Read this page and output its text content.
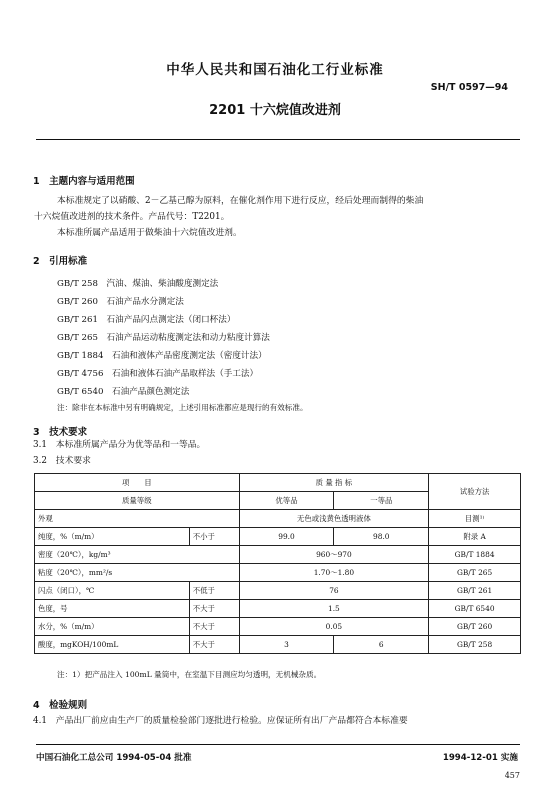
中华人民共和国石油化工行业标准
SH/T 0597—94
2201 十六烷值改进剂
1　主题内容与适用范围
本标准规定了以硝酸、2－乙基己醇为原料，在催化剂作用下进行反应，经后处理而制得的柴油
十六烷值改进剂的技术条件。产品代号：T2201。
本标准所属产品适用于做柴油十六烷值改进剂。
2　引用标准
GB/T 258　汽油、煤油、柴油酸度测定法
GB/T 260　石油产品水分测定法
GB/T 261　石油产品闪点测定法（闭口杯法）
GB/T 265　石油产品运动粘度测定法和动力粘度计算法
GB/T 1884　石油和液体产品密度测定法（密度计法）
GB/T 4756　石油和液体石油产品取样法（手工法）
GB/T 6540　石油产品颜色测定法
注：除非在本标准中另有明确规定，上述引用标准都应是现行的有效标准。
3　技术要求
3.1　本标准所属产品分为优等品和一等品。
3.2　技术要求
项　　目		质 量 指 标		试验方法
质量等级		优等品	一等品	
外观		无色或浅黄色透明液体		目测¹⁾
纯度，%（m/m）	不小于	99.0	98.0	附录 A
密度（20℃），kg/m³		960～970		GB/T 1884
粘度（20℃），mm²/s		1.70～1.80		GB/T 265
闪点（闭口），℃	不低于	76		GB/T 261
色度，号	不大于	1.5		GB/T 6540
水分，%（m/m）	不大于	0.05		GB/T 260
酸度，mgKOH/100mL	不大于	3	6	GB/T 258
注：1）把产品注入 100mL 量筒中，在室温下目测应均匀透明，无机械杂质。
4　检验规则
4.1　产品出厂前应由生产厂的质量检验部门逐批进行检验。应保证所有出厂产品都符合本标准要
中国石油化工总公司 1994-05-04 批准	1994-12-01 实施
457
